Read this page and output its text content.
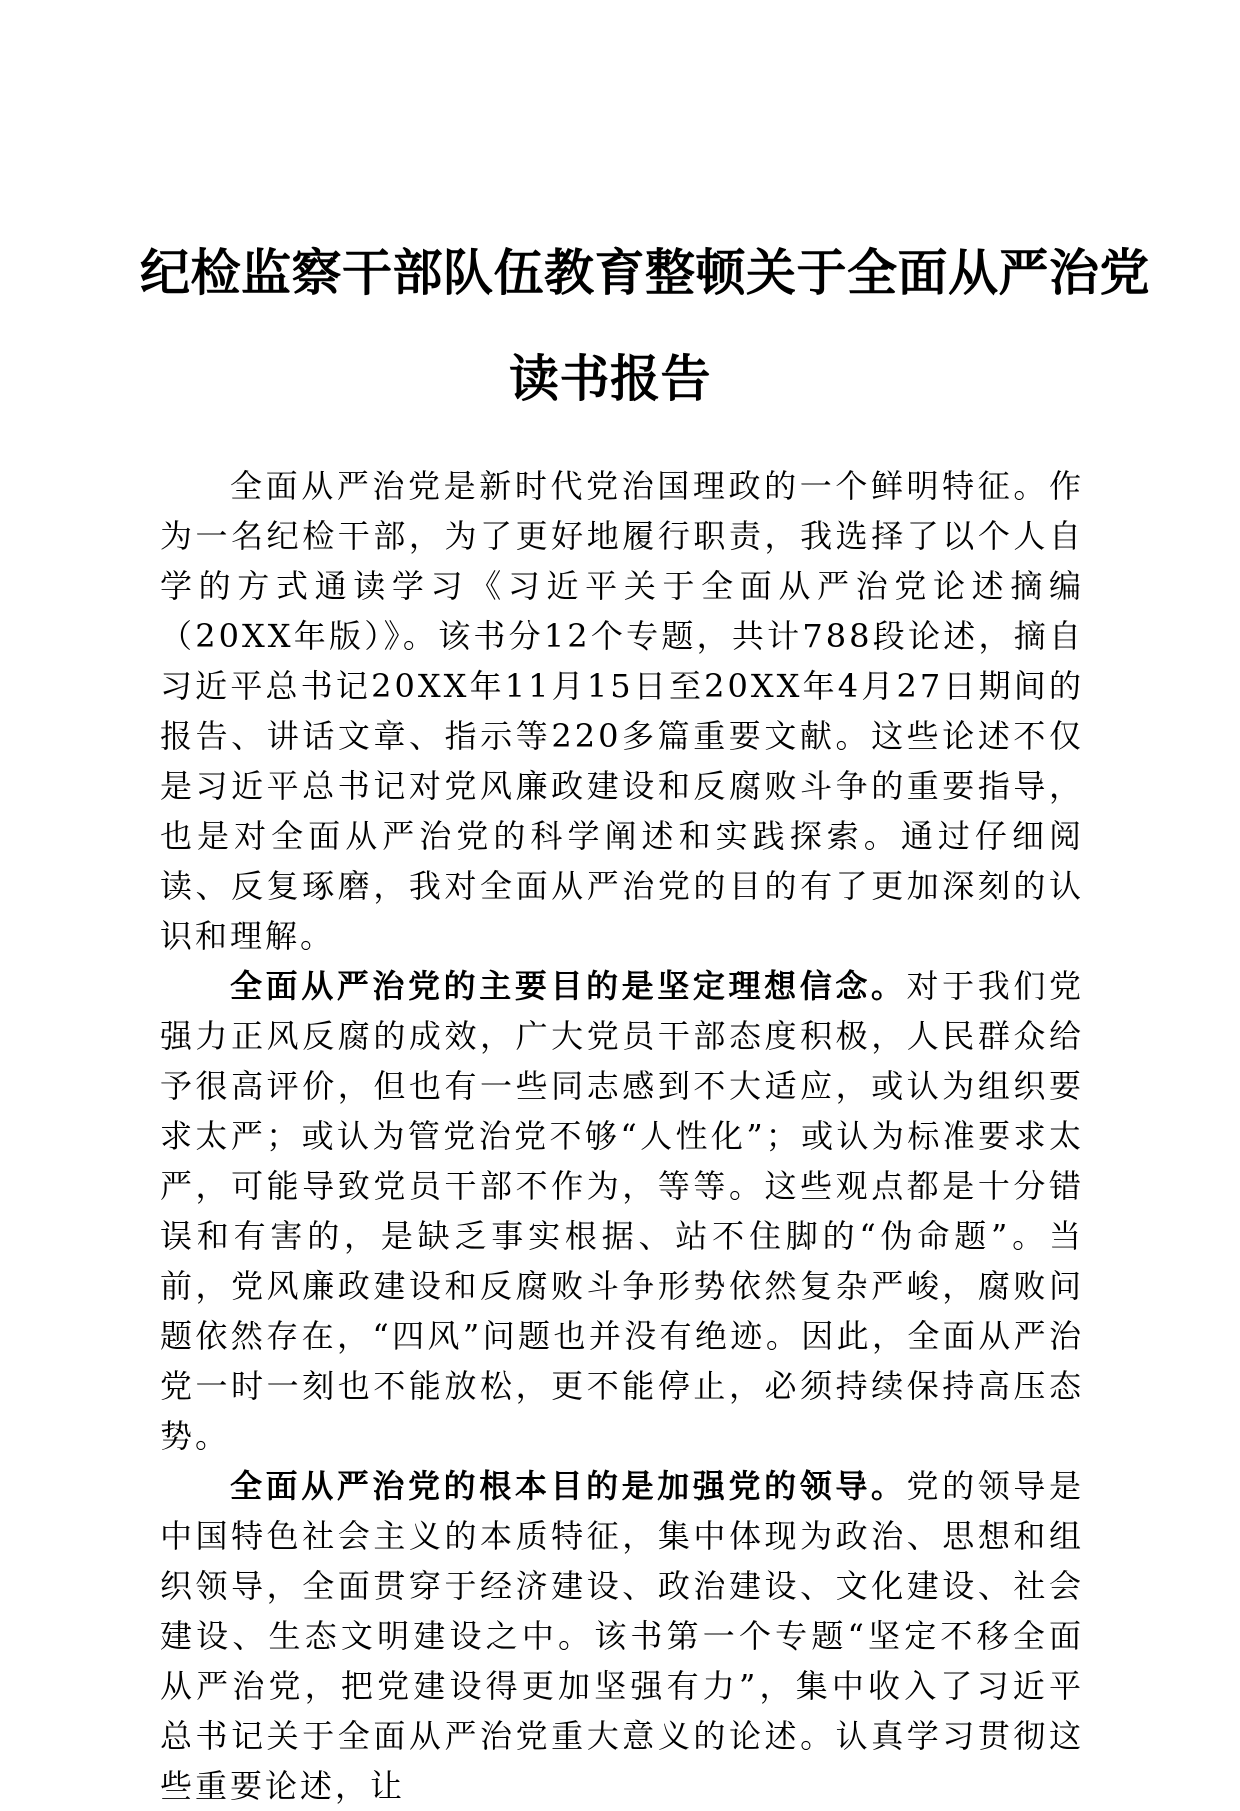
纪检监察干部队伍教育整顿关于全面从严治党
读书报告

全面从严治党是新时代党治国理政的一个鲜明特征。作为一名纪检干部，为了更好地履行职责，我选择了以个人自学的方式通读学习《习近平关于全面从严治党论述摘编（20XX年版）》。该书分12个专题，共计788段论述，摘自习近平总书记20XX年11月15日至20XX年4月27日期间的报告、讲话文章、指示等220多篇重要文献。这些论述不仅是习近平总书记对党风廉政建设和反腐败斗争的重要指导，也是对全面从严治党的科学阐述和实践探索。通过仔细阅读、反复琢磨，我对全面从严治党的目的有了更加深刻的认识和理解。

全面从严治党的主要目的是坚定理想信念。对于我们党强力正风反腐的成效，广大党员干部态度积极，人民群众给予很高评价，但也有一些同志感到不大适应，或认为组织要求太严；或认为管党治党不够“人性化”；或认为标准要求太严，可能导致党员干部不作为，等等。这些观点都是十分错误和有害的，是缺乏事实根据、站不住脚的“伪命题”。当前，党风廉政建设和反腐败斗争形势依然复杂严峻，腐败问题依然存在，“四风”问题也并没有绝迹。因此，全面从严治党一时一刻也不能放松，更不能停止，必须持续保持高压态势。

全面从严治党的根本目的是加强党的领导。党的领导是中国特色社会主义的本质特征，集中体现为政治、思想和组织领导，全面贯穿于经济建设、政治建设、文化建设、社会建设、生态文明建设之中。该书第一个专题“坚定不移全面从严治党，把党建设得更加坚强有力”，集中收入了习近平总书记关于全面从严治党重大意义的论述。认真学习贯彻这些重要论述，让
